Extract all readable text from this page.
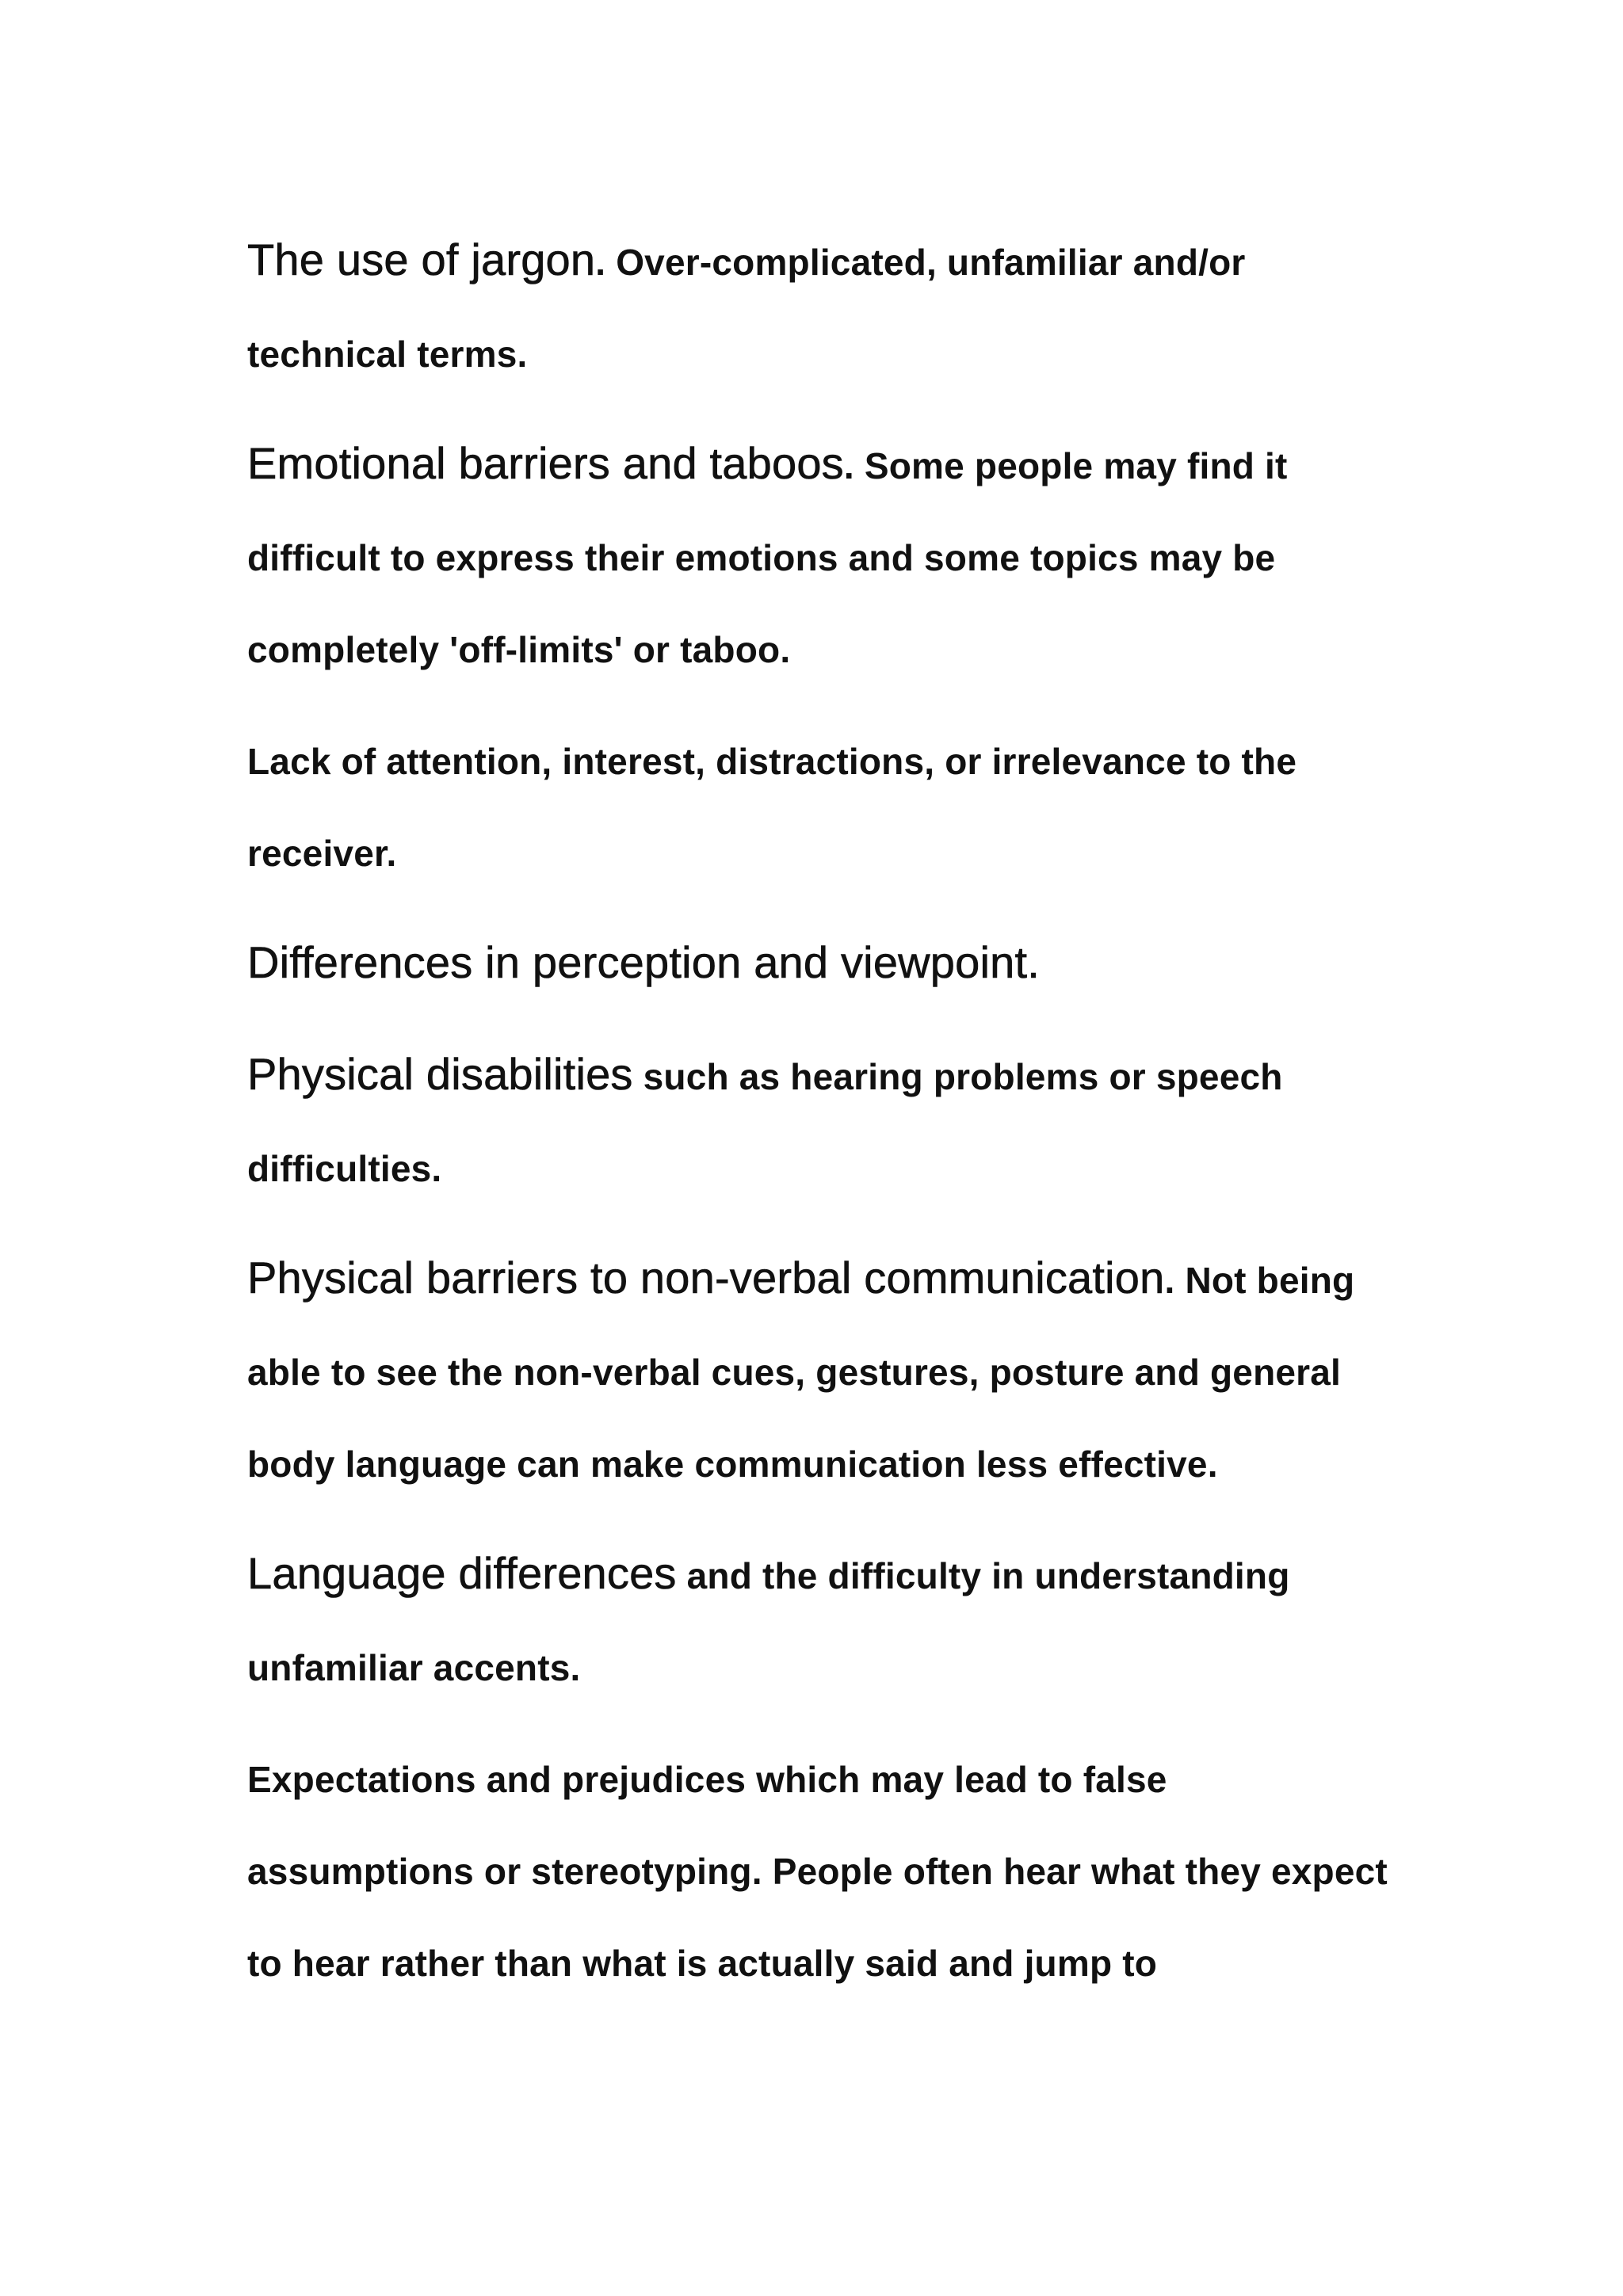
The use of jargon. Over-complicated, unfamiliar and/or technical terms.

Emotional barriers and taboos. Some people may find it difficult to express their emotions and some topics may be completely 'off-limits' or taboo.

Lack of attention, interest, distractions, or irrelevance to the receiver.

Differences in perception and viewpoint.

Physical disabilities such as hearing problems or speech difficulties.

Physical barriers to non-verbal communication. Not being able to see the non-verbal cues, gestures, posture and general body language can make communication less effective.

Language differences and the difficulty in understanding unfamiliar accents.

Expectations and prejudices which may lead to false assumptions or stereotyping. People often hear what they expect to hear rather than what is actually said and jump to
